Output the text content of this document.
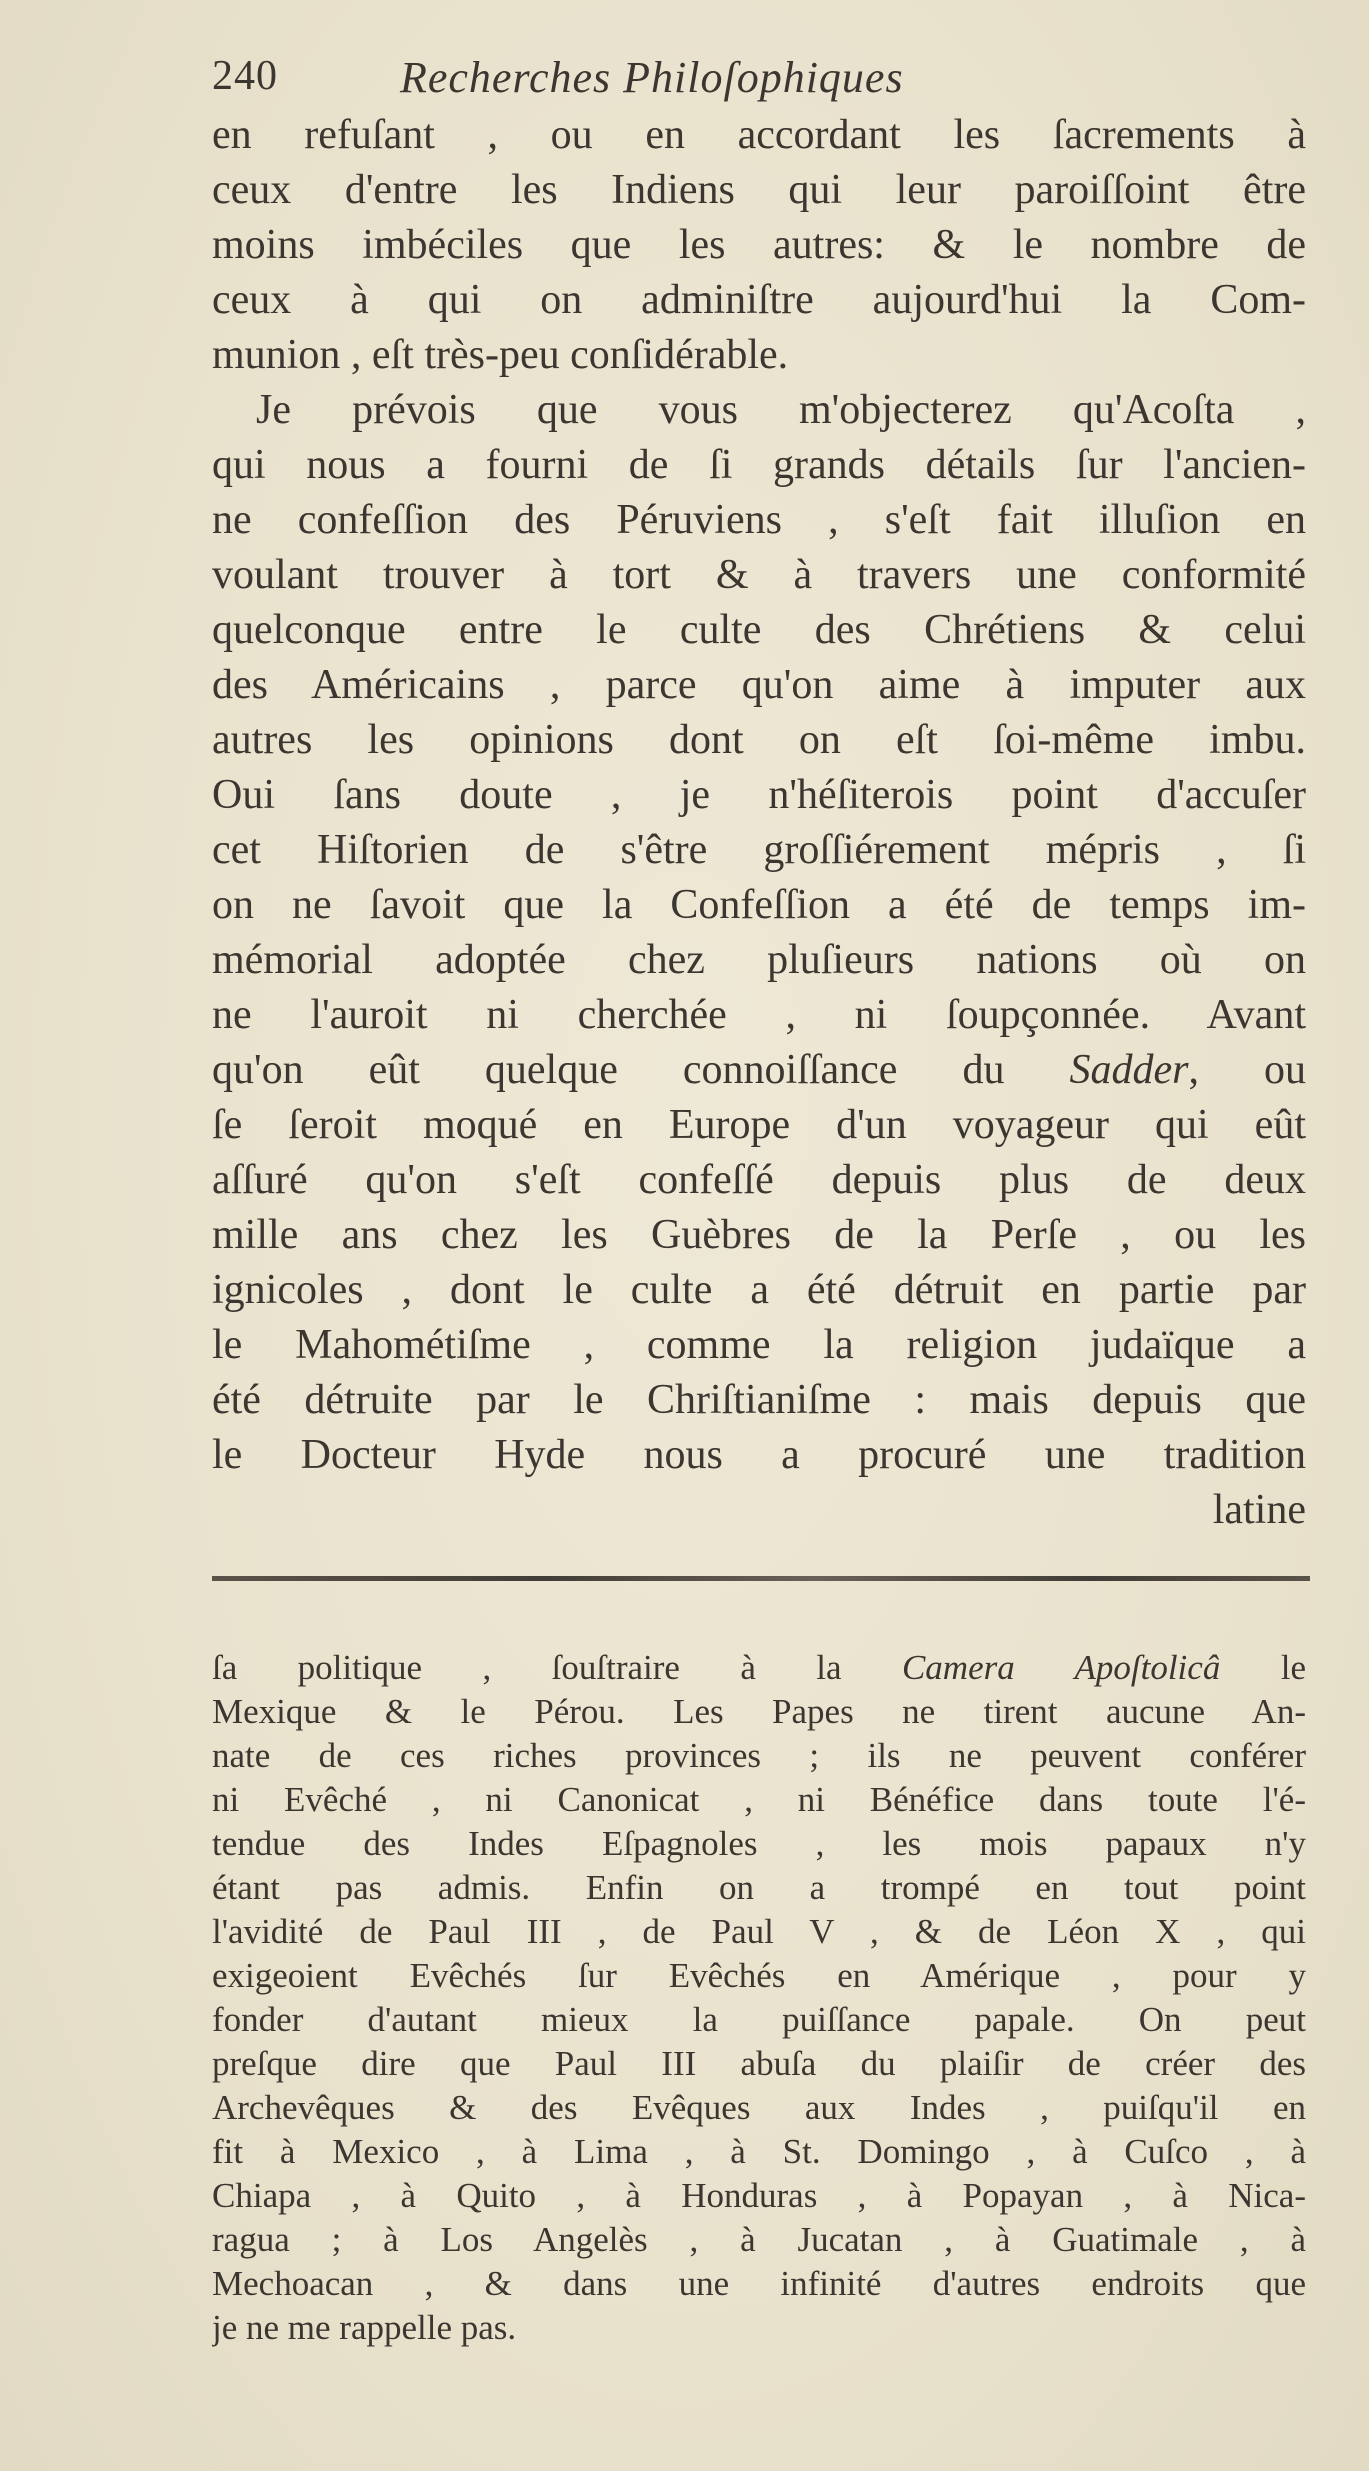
240	Recherches Philoſophiques
en refuſant , ou en accordant les ſacrements à
ceux d'entre les Indiens qui leur paroiſſoint être
moins imbéciles que les autres: & le nombre de
ceux à qui on adminiſtre aujourd'hui la Com-
munion , eſt très-peu conſidérable.
Je prévois que vous m'objecterez qu'Acoſta ,
qui nous a fourni de ſi grands détails ſur l'ancien-
ne confeſſion des Péruviens , s'eſt fait illuſion en
voulant trouver à tort & à travers une conformité
quelconque entre le culte des Chrétiens & celui
des Américains , parce qu'on aime à imputer aux
autres les opinions dont on eſt ſoi-même imbu.
Oui ſans doute , je n'héſiterois point d'accuſer
cet Hiſtorien de s'être groſſiérement mépris , ſi
on ne ſavoit que la Confeſſion a été de temps im-
mémorial adoptée chez pluſieurs nations où on
ne l'auroit ni cherchée , ni ſoupçonnée. Avant
qu'on eût quelque connoiſſance du Sadder, ou
ſe ſeroit moqué en Europe d'un voyageur qui eût
aſſuré qu'on s'eſt confeſſé depuis plus de deux
mille ans chez les Guèbres de la Perſe , ou les
ignicoles , dont le culte a été détruit en partie par
le Mahométiſme , comme la religion judaïque a
été détruite par le Chriſtianiſme : mais depuis que
le Docteur Hyde nous a procuré une tradition
latine
ſa politique , ſouſtraire à la Camera Apoſtolicâ le
Mexique & le Pérou. Les Papes ne tirent aucune An-
nate de ces riches provinces ; ils ne peuvent conférer
ni Evêché , ni Canonicat , ni Bénéfice dans toute l'é-
tendue des Indes Eſpagnoles , les mois papaux n'y
étant pas admis. Enfin on a trompé en tout point
l'avidité de Paul III , de Paul V , & de Léon X , qui
exigeoient Evêchés ſur Evêchés en Amérique , pour y
fonder d'autant mieux la puiſſance papale. On peut
preſque dire que Paul III abuſa du plaiſir de créer des
Archevêques & des Evêques aux Indes , puiſqu'il en
fit à Mexico , à Lima , à St. Domingo , à Cuſco , à
Chiapa , à Quito , à Honduras , à Popayan , à Nica-
ragua ; à Los Angelès , à Jucatan , à Guatimale , à
Mechoacan , & dans une infinité d'autres endroits que
je ne me rappelle pas.
